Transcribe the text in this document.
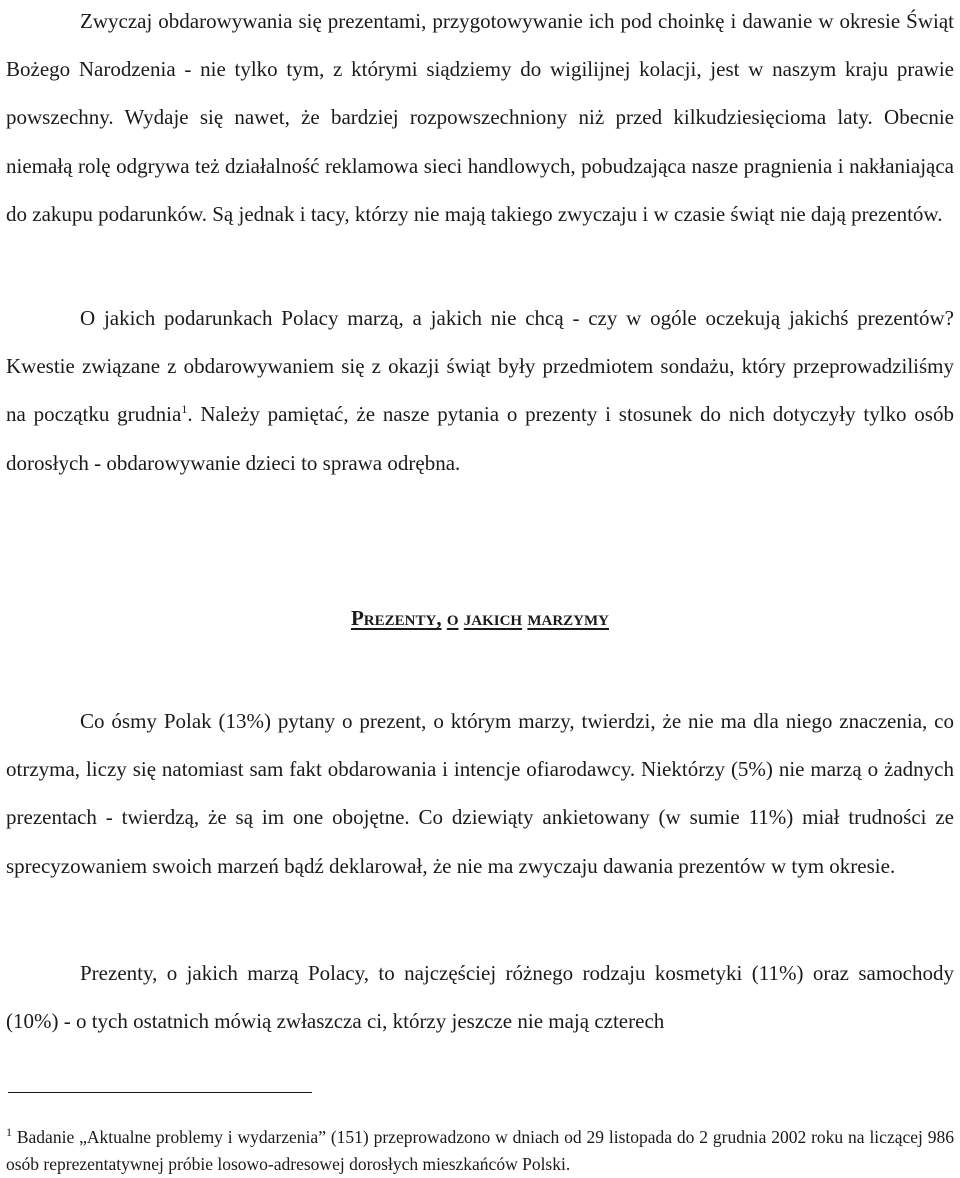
Zwyczaj obdarowywania się prezentami, przygotowywanie ich pod choinkę i dawanie w okresie Świąt Bożego Narodzenia - nie tylko tym, z którymi siądziemy do wigilijnej kolacji, jest w naszym kraju prawie powszechny. Wydaje się nawet, że bardziej rozpowszechniony niż przed kilkudziesięcioma laty. Obecnie niemałą rolę odgrywa też działalność reklamowa sieci handlowych, pobudzająca nasze pragnienia i nakłaniająca do zakupu podarunków. Są jednak i tacy, którzy nie mają takiego zwyczaju i w czasie świąt nie dają prezentów.

O jakich podarunkach Polacy marzą, a jakich nie chcą - czy w ogóle oczekują jakichś prezentów? Kwestie związane z obdarowywaniem się z okazji świąt były przedmiotem sondażu, który przeprowadziliśmy na początku grudnia$^1$. Należy pamiętać, że nasze pytania o prezenty i stosunek do nich dotyczyły tylko osób dorosłych - obdarowywanie dzieci to sprawa odrębna.

Prezenty, o jakich marzymy

Co ósmy Polak (13%) pytany o prezent, o którym marzy, twierdzi, że nie ma dla niego znaczenia, co otrzyma, liczy się natomiast sam fakt obdarowania i intencje ofiarodawcy. Niektórzy (5%) nie marzą o żadnych prezentach - twierdzą, że są im one obojętne. Co dziewiąty ankietowany (w sumie 11%) miał trudności ze sprecyzowaniem swoich marzeń bądź deklarował, że nie ma zwyczaju dawania prezentów w tym okresie.

Prezenty, o jakich marzą Polacy, to najczęściej różnego rodzaju kosmetyki (11%) oraz samochody (10%) - o tych ostatnich mówią zwłaszcza ci, którzy jeszcze nie mają czterech

$^1$ Badanie „Aktualne problemy i wydarzenia” (151) przeprowadzono w dniach od 29 listopada do 2 grudnia 2002 roku na liczącej 986 osób reprezentatywnej próbie losowo-adresowej dorosłych mieszkańców Polski.
